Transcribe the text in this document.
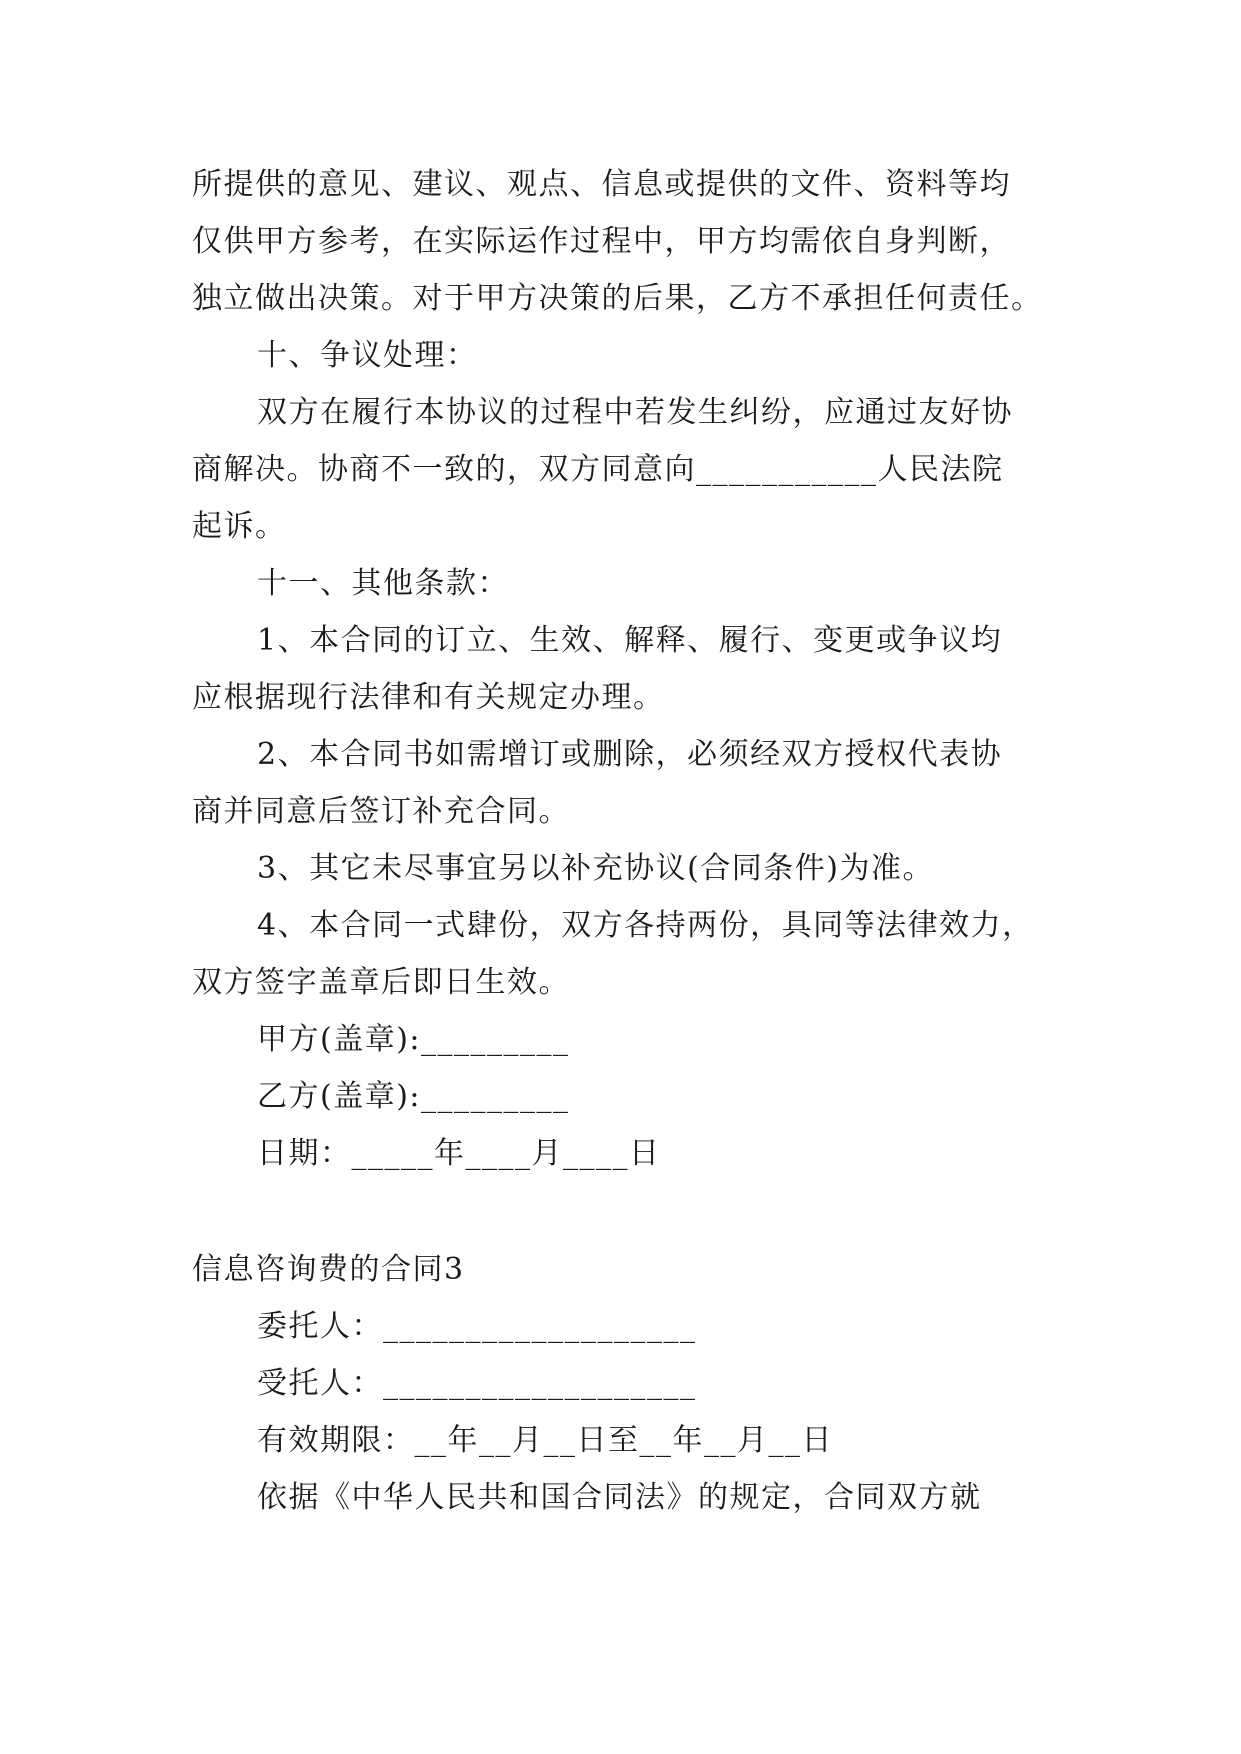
所提供的意见、建议、观点、信息或提供的文件、资料等均
仅供甲方参考，在实际运作过程中，甲方均需依自身判断，
独立做出决策。对于甲方决策的后果，乙方不承担任何责任。
十、争议处理：
双方在履行本协议的过程中若发生纠纷，应通过友好协
商解决。协商不一致的，双方同意向___________人民法院
起诉。
十一、其他条款：
1、本合同的订立、生效、解释、履行、变更或争议均
应根据现行法律和有关规定办理。
2、本合同书如需增订或删除，必须经双方授权代表协
商并同意后签订补充合同。
3、其它未尽事宜另以补充协议(合同条件)为准。
4、本合同一式肆份，双方各持两份，具同等法律效力，
双方签字盖章后即日生效。
甲方(盖章):_________
乙方(盖章):_________
日期：_____年____月____日
信息咨询费的合同3
委托人：___________________
受托人：___________________
有效期限：__年__月__日至__年__月__日
依据《中华人民共和国合同法》的规定，合同双方就
